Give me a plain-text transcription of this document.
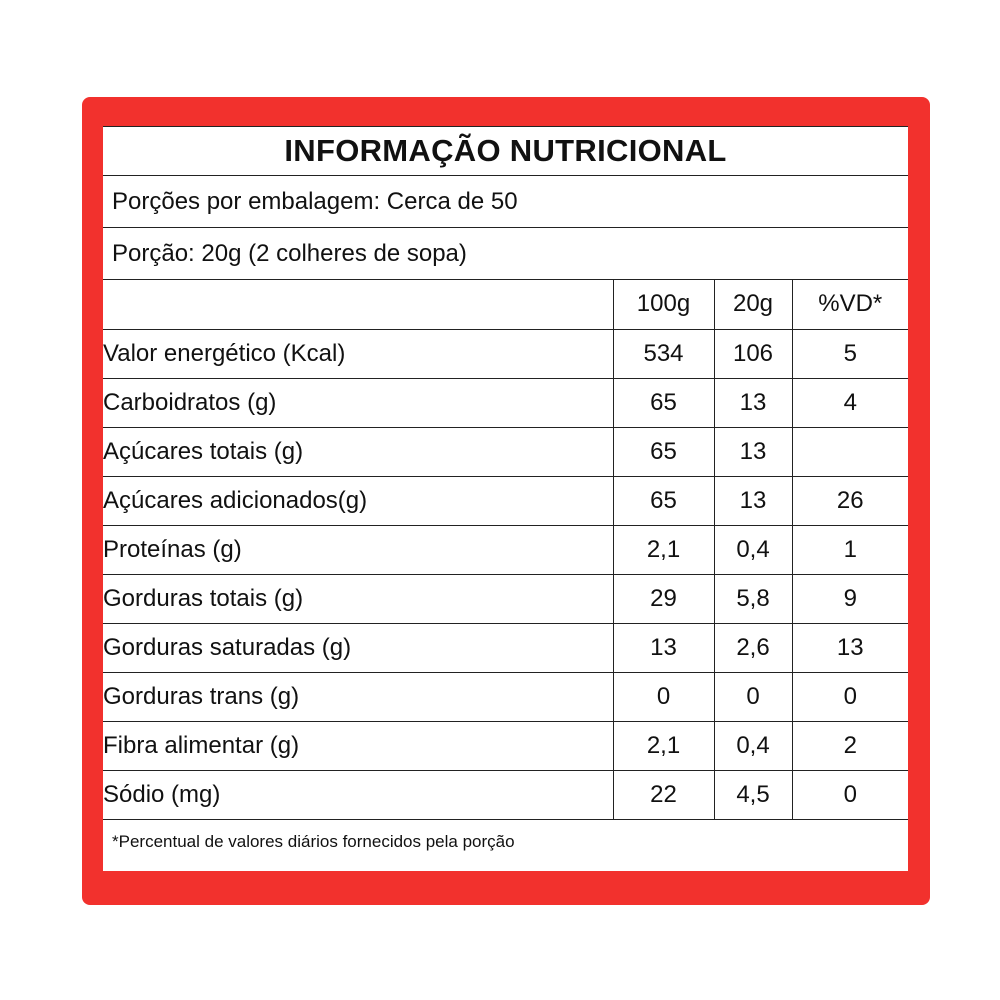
INFORMAÇÃO NUTRICIONAL
Porções por embalagem: Cerca de 50
Porção: 20g (2 colheres de sopa)
	100g	20g	%VD*
Valor energético (Kcal)	534	106	5
Carboidratos (g)	65	13	4
Açúcares totais (g)	65	13	
Açúcares adicionados(g)	65	13	26
Proteínas (g)	2,1	0,4	1
Gorduras totais (g)	29	5,8	9
Gorduras saturadas (g)	13	2,6	13
Gorduras trans (g)	0	0	0
Fibra alimentar (g)	2,1	0,4	2
Sódio (mg)	22	4,5	0
*Percentual de valores diários fornecidos pela porção
